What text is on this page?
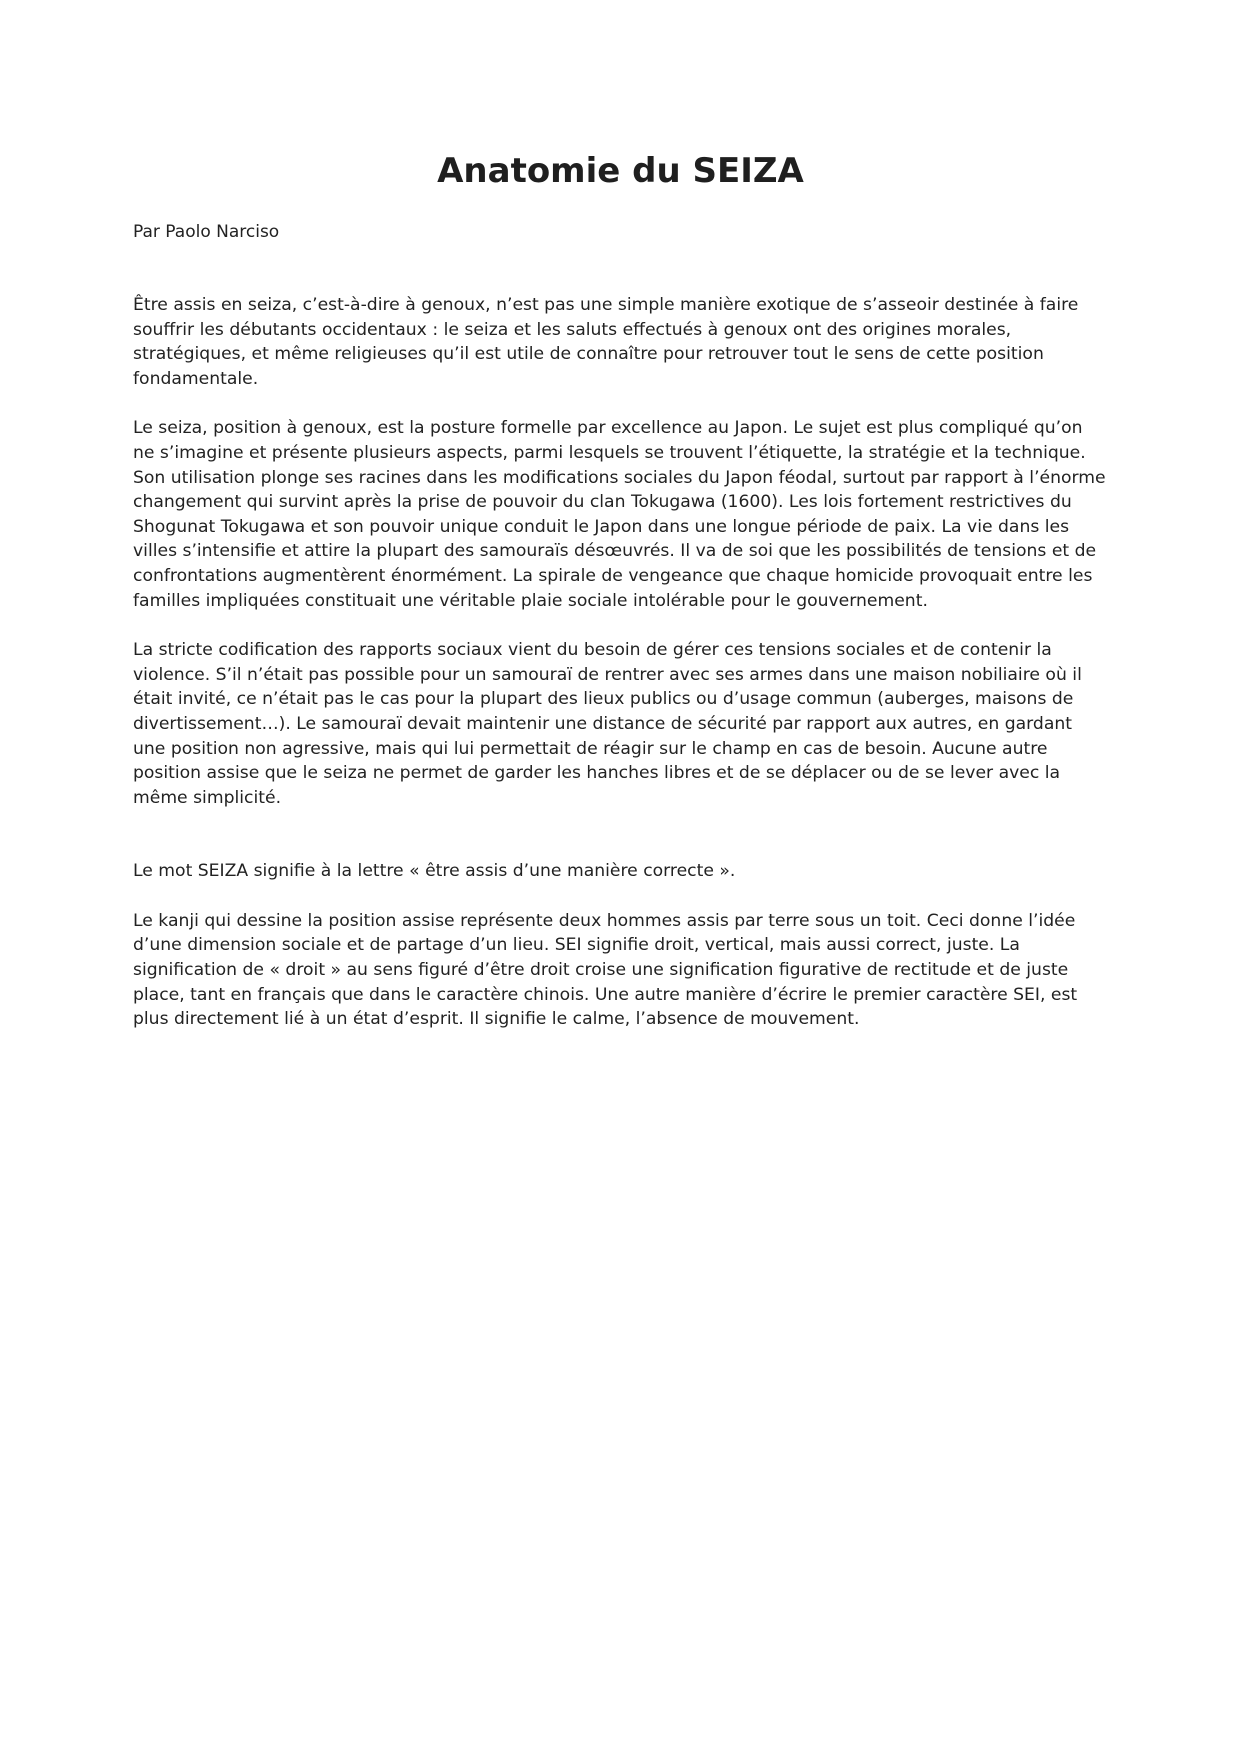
Anatomie du SEIZA

Par Paolo Narciso

Être assis en seiza, c’est-à-dire à genoux, n’est pas une simple manière exotique de s’asseoir destinée à faire souffrir les débutants occidentaux : le seiza et les saluts effectués à genoux ont des origines morales, stratégiques, et même religieuses qu’il est utile de connaître pour retrouver tout le sens de cette position fondamentale.

Le seiza, position à genoux, est la posture formelle par excellence au Japon. Le sujet est plus compliqué qu’on ne s’imagine et présente plusieurs aspects, parmi lesquels se trouvent l’étiquette, la stratégie et la technique. Son utilisation plonge ses racines dans les modifications sociales du Japon féodal, surtout par rapport à l’énorme changement qui survint après la prise de pouvoir du clan Tokugawa (1600). Les lois fortement restrictives du Shogunat Tokugawa et son pouvoir unique conduit le Japon dans une longue période de paix. La vie dans les villes s’intensifie et attire la plupart des samouraïs désœuvrés. Il va de soi que les possibilités de tensions et de confrontations augmentèrent énormément. La spirale de vengeance que chaque homicide provoquait entre les familles impliquées constituait une véritable plaie sociale intolérable pour le gouvernement.

La stricte codification des rapports sociaux vient du besoin de gérer ces tensions sociales et de contenir la violence. S’il n’était pas possible pour un samouraï de rentrer avec ses armes dans une maison nobiliaire où il était invité, ce n’était pas le cas pour la plupart des lieux publics ou d’usage commun (auberges, maisons de divertissement…). Le samouraï devait maintenir une distance de sécurité par rapport aux autres, en gardant une position non agressive, mais qui lui permettait de réagir sur le champ en cas de besoin. Aucune autre position assise que le seiza ne permet de garder les hanches libres et de se déplacer ou de se lever avec la même simplicité.

Le mot SEIZA signifie à la lettre « être assis d’une manière correcte ».

Le kanji qui dessine la position assise représente deux hommes assis par terre sous un toit. Ceci donne l’idée d’une dimension sociale et de partage d’un lieu. SEI signifie droit, vertical, mais aussi correct, juste. La signification de « droit » au sens figuré d’être droit croise une signification figurative de rectitude et de juste place, tant en français que dans le caractère chinois. Une autre manière d’écrire le premier caractère SEI, est plus directement lié à un état d’esprit. Il signifie le calme, l’absence de mouvement.
